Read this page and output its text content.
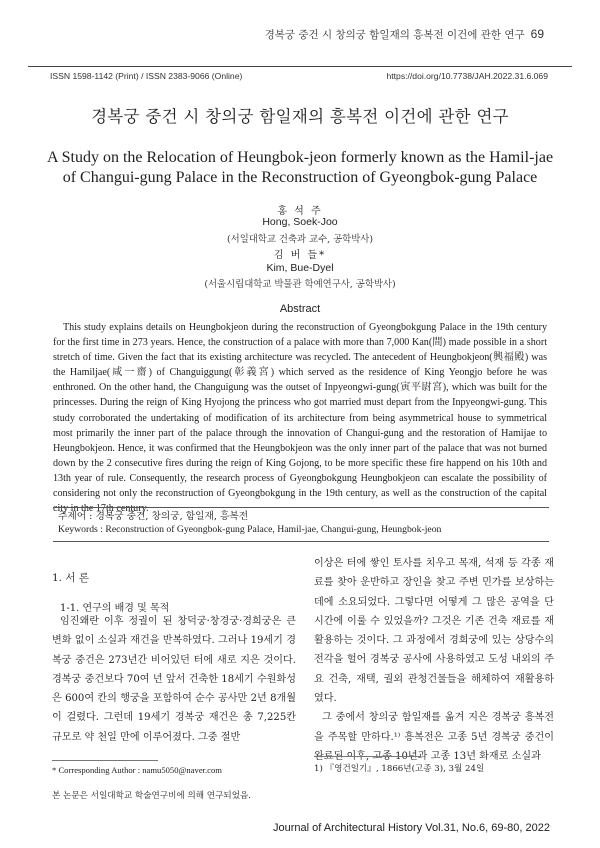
경복궁 중건 시 창의궁 함일재의 흥복전 이건에 관한 연구 69
ISSN 1598-1142 (Print) / ISSN 2383-9066 (Online)	https://doi.org/10.7738/JAH.2022.31.6.069
경복궁 중건 시 창의궁 함일재의 흥복전 이건에 관한 연구
A Study on the Relocation of Heungbok-jeon formerly known as the Hamil-jae
of Changui-gung Palace in the Reconstruction of Gyeongbok-gung Palace
홍 석 주
Hong, Soek-Joo
(서일대학교 건축과 교수, 공학박사)
김 버 들*
Kim, Bue-Dyel
(서울시립대학교 박물관 학예연구사, 공학박사)
Abstract
This study explains details on Heungbokjeon during the reconstruction of Gyeongbokgung Palace in the 19th century for the first time in 273 years. Hence, the construction of a palace with more than 7,000 Kan(間) made possible in a short stretch of time. Given the fact that its existing architecture was recycled. The antecedent of Heungbokjeon(興福殿) was the Hamiljae(咸一齋) of Changuiggung(彰義宮) which served as the residence of King Yeongjo before he was enthroned. On the other hand, the Changuigung was the outset of Inpyeongwi-gung(寅平尉宮), which was built for the princesses. During the reign of King Hyojong the princess who got married must depart from the Inpyeongwi-gung. This study corroborated the undertaking of modification of its architecture from being asymmetrical house to symmetrical most primarily the inner part of the palace through the innovation of Changui-gung and the restoration of Hamijae to Heungbokjeon. Hence, it was confirmed that the Heungbokjeon was the only inner part of the palace that was not burned down by the 2 consecutive fires during the reign of King Gojong, to be more specific these fire happend on his 10th and 13th year of rule. Consequently, the research process of Gyeongbokgung Heungbokjeon can escalate the possibility of considering not only the reconstruction of Gyeongbokgung in the 19th century, as well as the construction of the capital city in the 17th century.
주제어 : 경복궁 중건, 창의궁, 함일재, 흥복전
Keywords : Reconstruction of Gyeongbok-gung Palace, Hamil-jae, Changui-gung, Heungbok-jeon
1. 서 론
1-1. 연구의 배경 및 목적
임진왜란 이후 정궐이 된 창덕궁·창경궁·경희궁은 큰 변화 없이 소실과 재건을 반복하였다. 그러나 19세기 경복궁 중건은 273년간 비어있던 터에 새로 지은 것이다. 경복궁 중건보다 70여 년 앞서 건축한 18세기 수원화성은 600여 칸의 행궁을 포함하여 순수 공사만 2년 8개월이 걸렸다. 그런데 19세기 경복궁 재건은 총 7,225칸 규모로 약 천일 만에 이루어졌다. 그중 절반

이상은 터에 쌓인 토사를 치우고 목재, 석재 등 각종 재료를 찾아 운반하고 장인을 찾고 주변 민가를 보상하는 데에 소요되었다. 그렇다면 어떻게 그 많은 공역을 단시간에 이룰 수 있었을까? 그것은 기존 건축 재료를 재활용하는 것이다. 그 과정에서 경희궁에 있는 상당수의 전각을 헐어 경복궁 공사에 사용하였고 도성 내외의 주요 건축, 재택, 궐외 관청건물들을 해체하여 재활용하였다.

그 중에서 창의궁 함일재를 옮겨 지은 경복궁 흥복전을 주목할 만하다.¹⁾ 흥복전은 고종 5년 경복궁 중건이 완료된 이후, 고종 10년과 고종 13년 화재로 소실과

* Corresponding Author : namu5050@naver.com
본 논문은 서일대학교 학술연구비에 의해 연구되었음.
1) 『영건일기』, 1866년(고종 3), 3월 24일
Journal of Architectural History Vol.31, No.6, 69-80, 2022
